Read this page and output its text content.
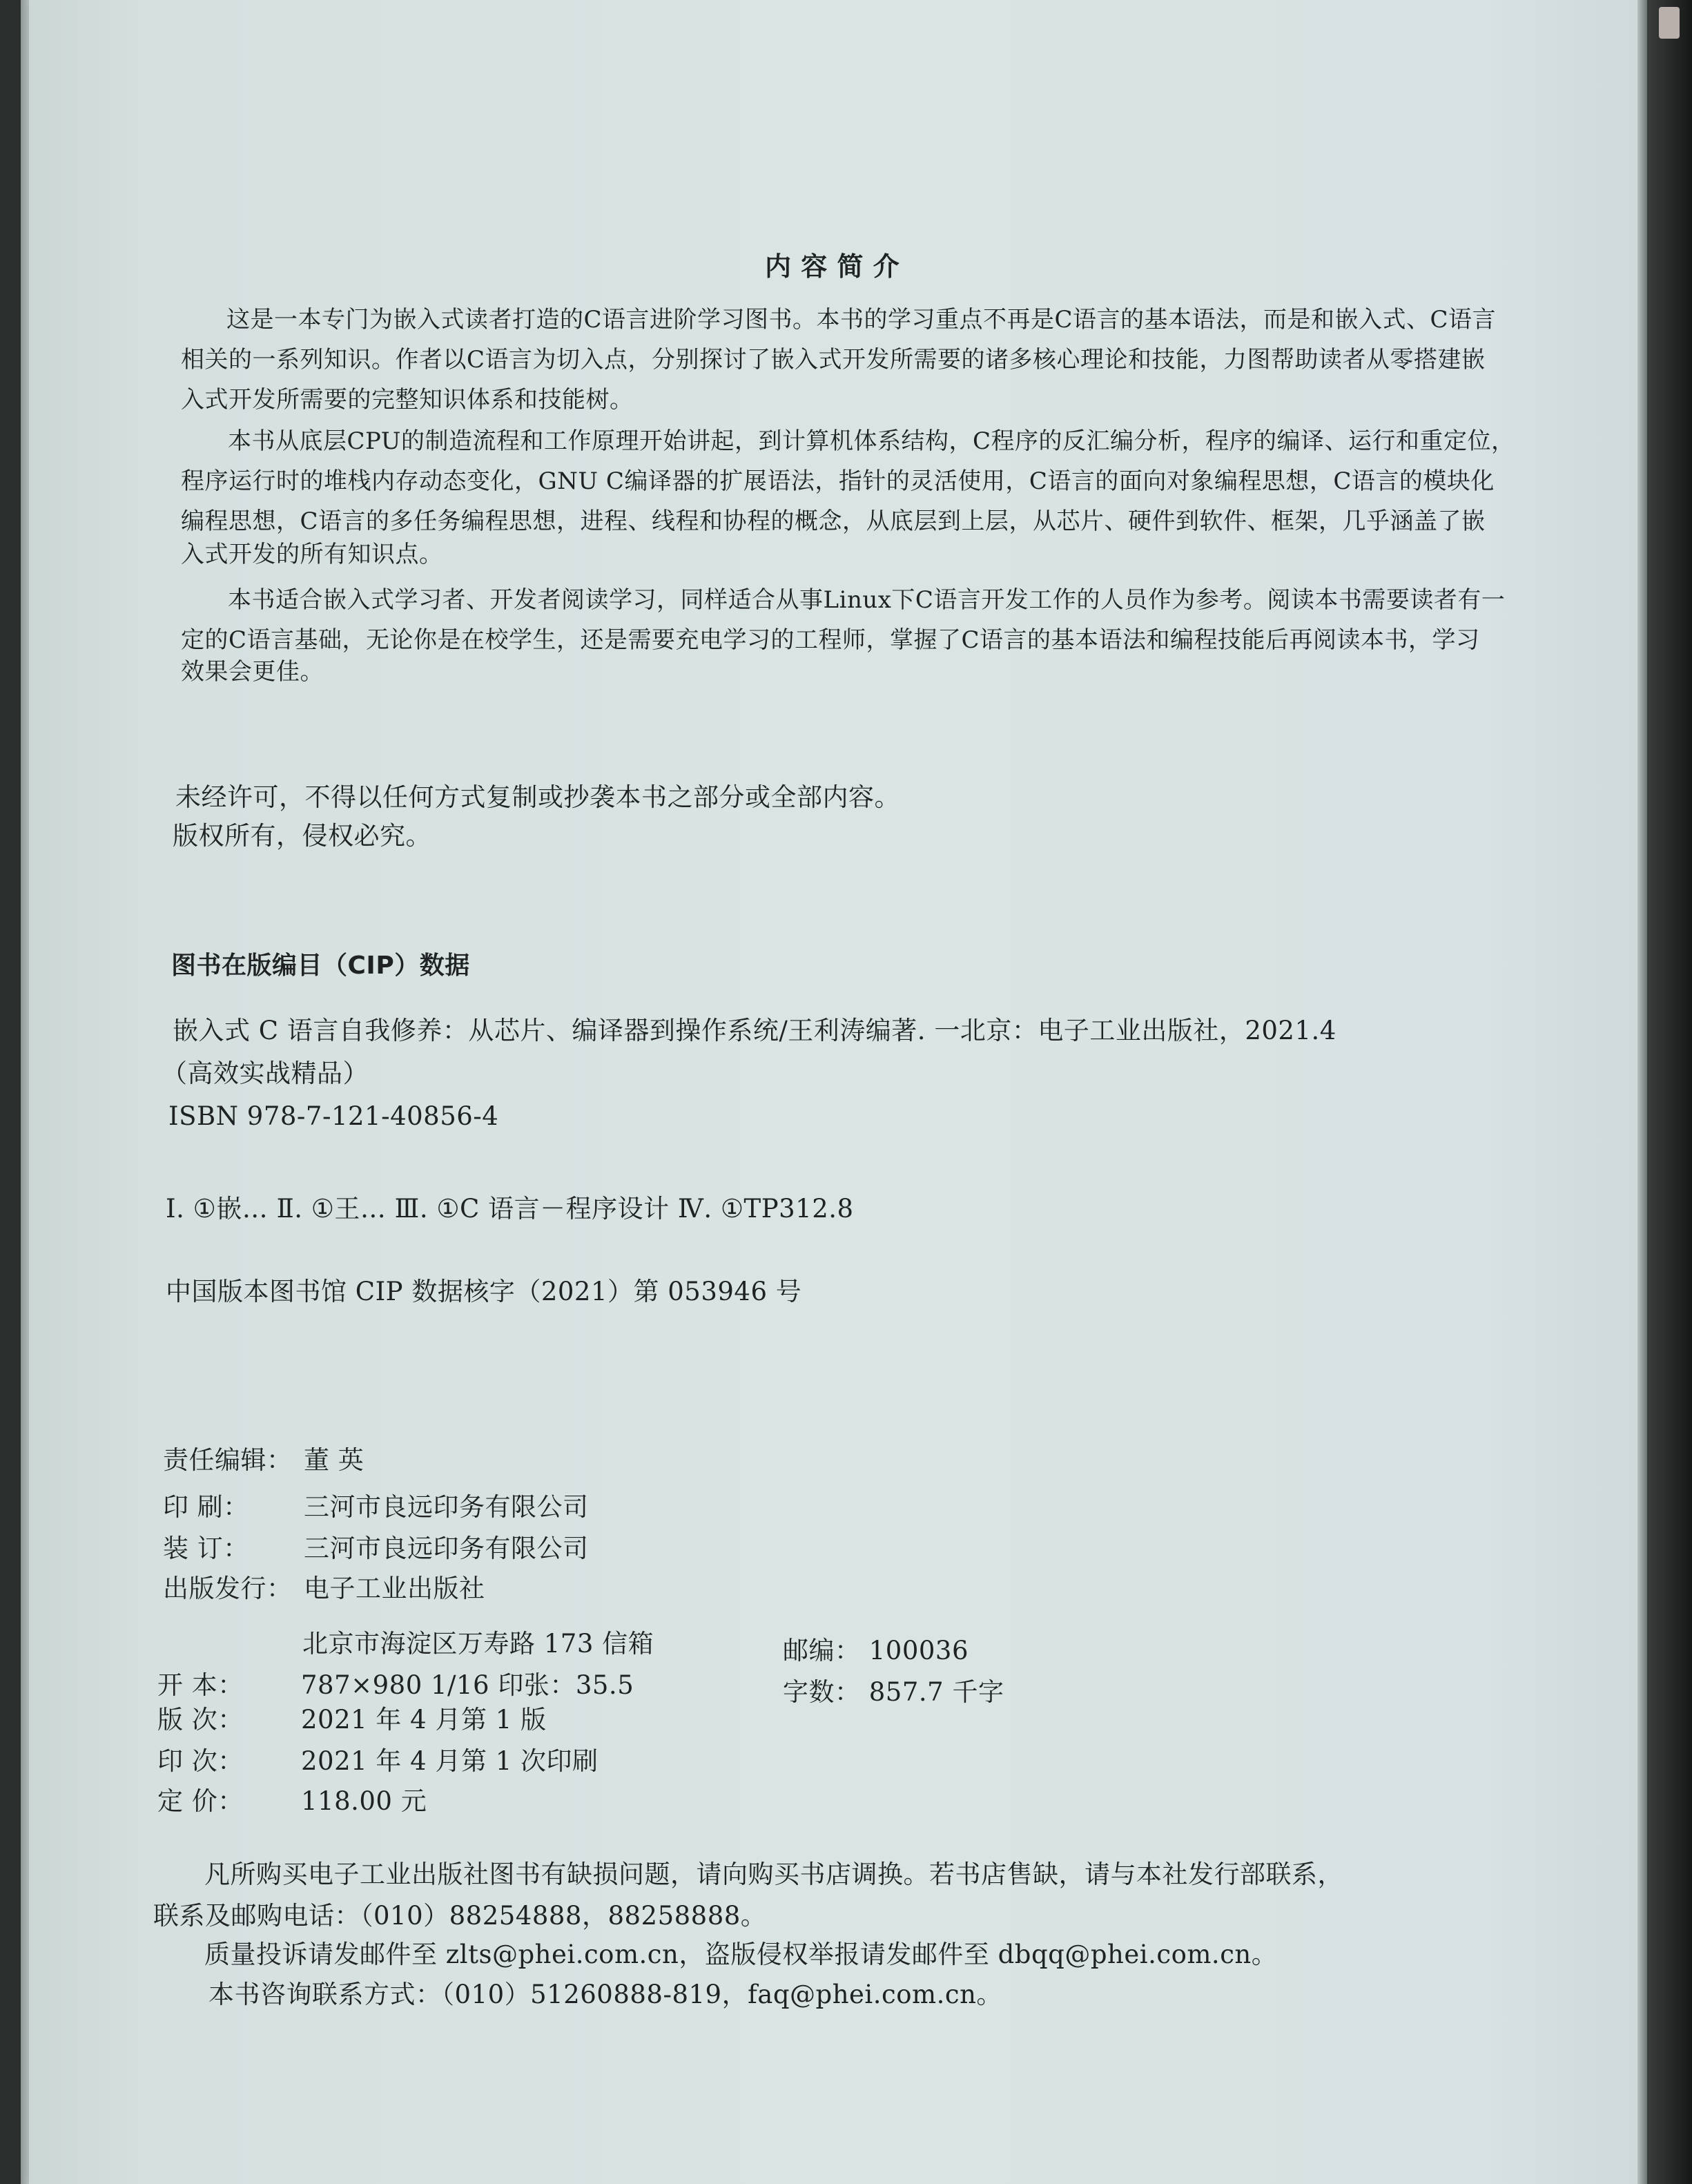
内 容 简 介
这是一本专门为嵌入式读者打造的C语言进阶学习图书。本书的学习重点不再是C语言的基本语法，而是和嵌入式、C语言
相关的一系列知识。作者以C语言为切入点，分别探讨了嵌入式开发所需要的诸多核心理论和技能，力图帮助读者从零搭建嵌
入式开发所需要的完整知识体系和技能树。
本书从底层CPU的制造流程和工作原理开始讲起，到计算机体系结构，C程序的反汇编分析，程序的编译、运行和重定位，
程序运行时的堆栈内存动态变化，GNU C编译器的扩展语法，指针的灵活使用，C语言的面向对象编程思想，C语言的模块化
编程思想，C语言的多任务编程思想，进程、线程和协程的概念，从底层到上层，从芯片、硬件到软件、框架，几乎涵盖了嵌
入式开发的所有知识点。
本书适合嵌入式学习者、开发者阅读学习，同样适合从事Linux下C语言开发工作的人员作为参考。阅读本书需要读者有一
定的C语言基础，无论你是在校学生，还是需要充电学习的工程师，掌握了C语言的基本语法和编程技能后再阅读本书，学习
效果会更佳。
未经许可，不得以任何方式复制或抄袭本书之部分或全部内容。
版权所有，侵权必究。
图书在版编目（CIP）数据
嵌入式 C 语言自我修养：从芯片、编译器到操作系统/王利涛编著. 一北京：电子工业出版社，2021.4
（高效实战精品）
ISBN 978-7-121-40856-4
Ⅰ. ①嵌… Ⅱ. ①王… Ⅲ. ①C 语言－程序设计 Ⅳ. ①TP312.8
中国版本图书馆 CIP 数据核字（2021）第 053946 号
责任编辑： 董 英
印 刷： 三河市良远印务有限公司
装 订： 三河市良远印务有限公司
出版发行： 电子工业出版社
北京市海淀区万寿路 173 信箱	邮编： 100036
开 本： 787×980 1/16 印张：35.5	字数： 857.7 千字
版 次： 2021 年 4 月第 1 版
印 次： 2021 年 4 月第 1 次印刷
定 价： 118.00 元
凡所购买电子工业出版社图书有缺损问题，请向购买书店调换。若书店售缺，请与本社发行部联系，
联系及邮购电话：（010）88254888，88258888。
质量投诉请发邮件至 zlts@phei.com.cn，盗版侵权举报请发邮件至 dbqq@phei.com.cn。
本书咨询联系方式：（010）51260888-819，faq@phei.com.cn。
